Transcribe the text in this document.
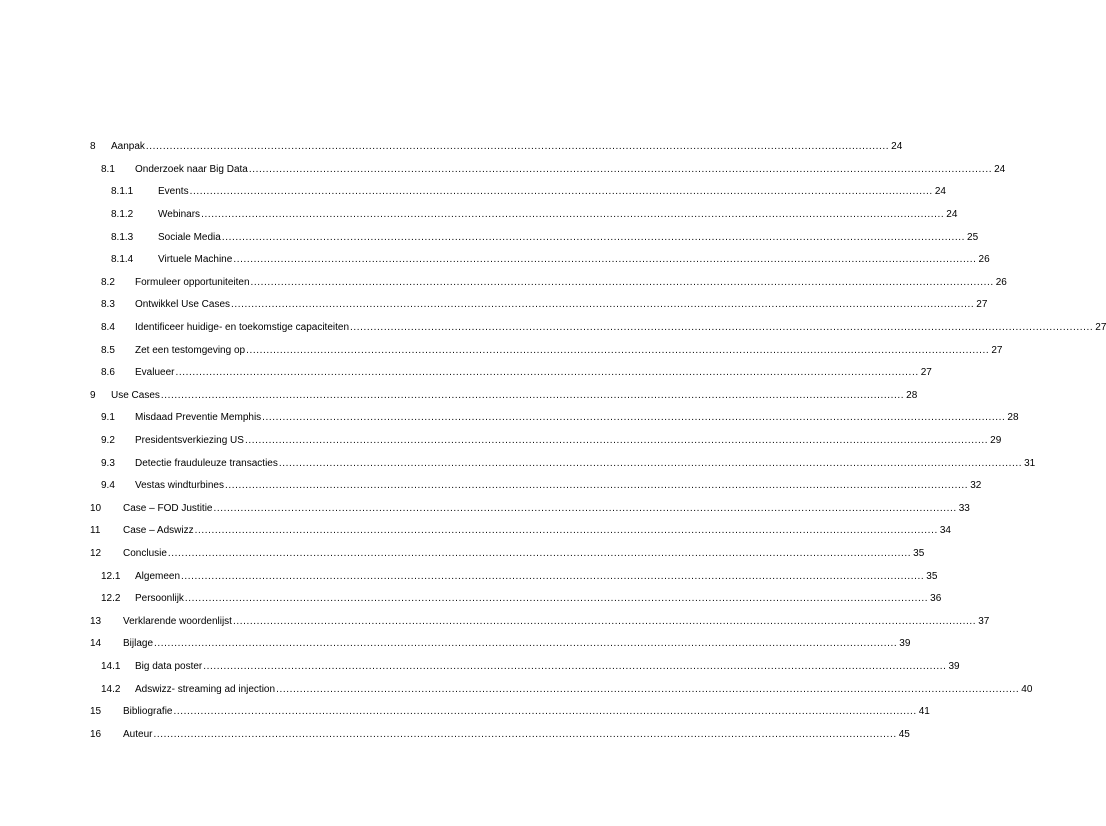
8	Aanpak ............................................................................................................................................................................................................................ 24
8.1	Onderzoek naar Big Data ............................................................................................................................................................................................................................ 24
8.1.1	Events ............................................................................................................................................................................................................................ 24
8.1.2	Webinars ............................................................................................................................................................................................................................ 24
8.1.3	Sociale Media ............................................................................................................................................................................................................................ 25
8.1.4	Virtuele Machine ............................................................................................................................................................................................................................ 26
8.2	Formuleer opportuniteiten ............................................................................................................................................................................................................................ 26
8.3	Ontwikkel Use Cases ............................................................................................................................................................................................................................ 27
8.4	Identificeer huidige- en toekomstige capaciteiten ............................................................................................................................................................................................................................ 27
8.5	Zet een testomgeving op ............................................................................................................................................................................................................................ 27
8.6	Evalueer ............................................................................................................................................................................................................................ 27
9	Use Cases ............................................................................................................................................................................................................................ 28
9.1	Misdaad Preventie Memphis ............................................................................................................................................................................................................................ 28
9.2	Presidentsverkiezing US ............................................................................................................................................................................................................................ 29
9.3	Detectie frauduleuze transacties ............................................................................................................................................................................................................................ 31
9.4	Vestas windturbines ............................................................................................................................................................................................................................ 32
10	Case – FOD Justitie ............................................................................................................................................................................................................................ 33
11	Case – Adswizz ............................................................................................................................................................................................................................ 34
12	Conclusie ............................................................................................................................................................................................................................ 35
12.1	Algemeen ............................................................................................................................................................................................................................ 35
12.2	Persoonlijk ............................................................................................................................................................................................................................ 36
13	Verklarende woordenlijst ............................................................................................................................................................................................................................ 37
14	Bijlage ............................................................................................................................................................................................................................ 39
14.1	Big data poster ............................................................................................................................................................................................................................ 39
14.2	Adswizz- streaming ad injection ............................................................................................................................................................................................................................ 40
15	Bibliografie ............................................................................................................................................................................................................................ 41
16	Auteur ............................................................................................................................................................................................................................ 45
